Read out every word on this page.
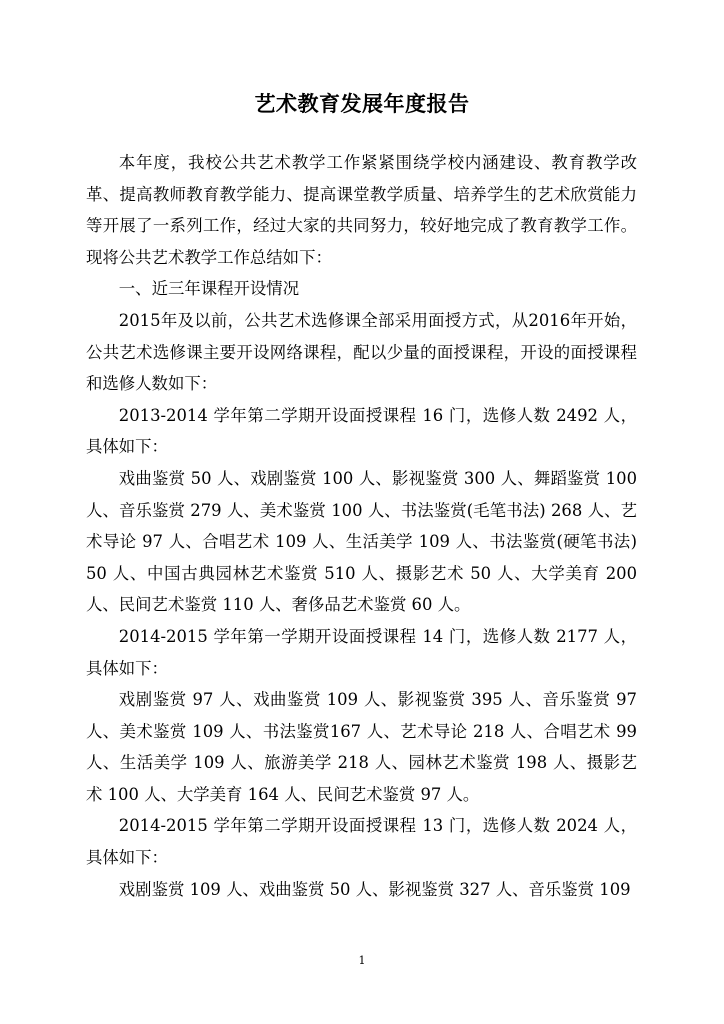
艺术教育发展年度报告

本年度，我校公共艺术教学工作紧紧围绕学校内涵建设、教育教学改革、提高教师教育教学能力、提高课堂教学质量、培养学生的艺术欣赏能力等开展了一系列工作，经过大家的共同努力，较好地完成了教育教学工作。现将公共艺术教学工作总结如下：

一、近三年课程开设情况

2015年及以前，公共艺术选修课全部采用面授方式，从2016年开始，公共艺术选修课主要开设网络课程，配以少量的面授课程，开设的面授课程和选修人数如下：

2013-2014 学年第二学期开设面授课程 16 门，选修人数 2492 人，具体如下：

戏曲鉴赏 50 人、戏剧鉴赏 100 人、影视鉴赏 300 人、舞蹈鉴赏 100 人、音乐鉴赏 279 人、美术鉴赏 100 人、书法鉴赏(毛笔书法) 268 人、艺术导论 97 人、合唱艺术 109 人、生活美学 109 人、书法鉴赏(硬笔书法) 50 人、中国古典园林艺术鉴赏 510 人、摄影艺术 50 人、大学美育 200 人、民间艺术鉴赏 110 人、奢侈品艺术鉴赏 60 人。

2014-2015 学年第一学期开设面授课程 14 门，选修人数 2177 人，具体如下：

戏剧鉴赏 97 人、戏曲鉴赏 109 人、影视鉴赏 395 人、音乐鉴赏 97 人、美术鉴赏 109 人、书法鉴赏167 人、艺术导论 218 人、合唱艺术 99 人、生活美学 109 人、旅游美学 218 人、园林艺术鉴赏 198 人、摄影艺术 100 人、大学美育 164 人、民间艺术鉴赏 97 人。

2014-2015 学年第二学期开设面授课程 13 门，选修人数 2024 人，具体如下：

戏剧鉴赏 109 人、戏曲鉴赏 50 人、影视鉴赏 327 人、音乐鉴赏 109

1
